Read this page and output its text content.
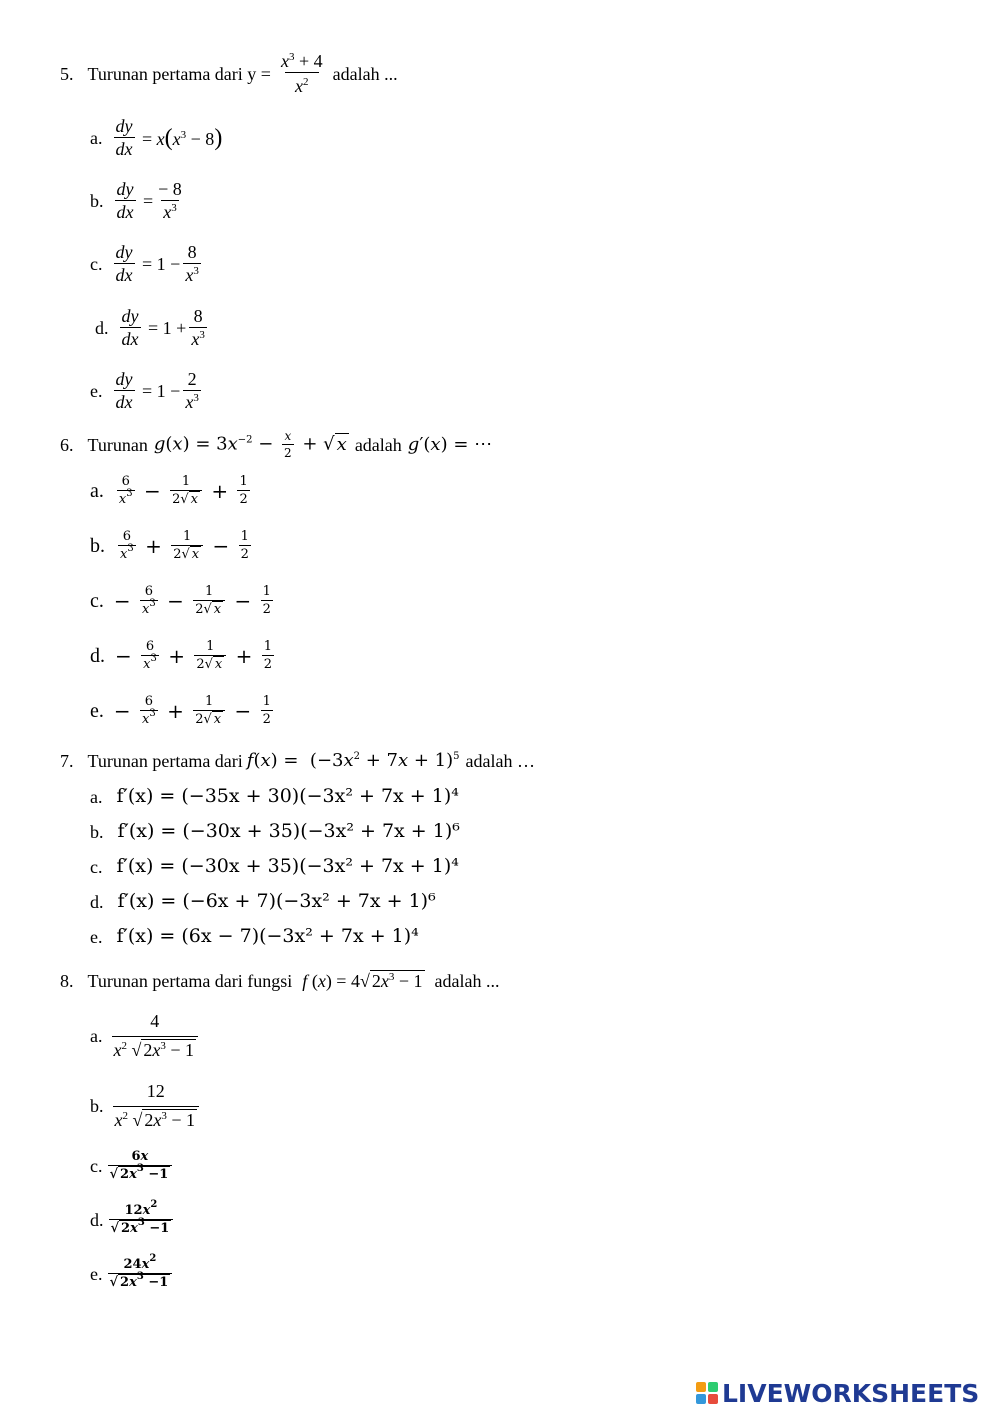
5. Turunan pertama dari $y = \frac{x^3 + 4}{x^2}$ adalah ...
a. $\frac{dy}{dx} = x(x^3 - 8)$
b. $\frac{dy}{dx} = \frac{- 8}{x^3}$
c. $\frac{dy}{dx} = 1 - \frac{8}{x^3}$
d. $\frac{dy}{dx} = 1 + \frac{8}{x^3}$
e. $\frac{dy}{dx} = 1 - \frac{2}{x^3}$
6. Turunan $g(x) = 3x^{-2} - \frac{x}{2}$ + √ x adalah g′(x) = ⋯
a. $\frac{6}{x^3} - \frac{1}{2√ x} + \frac{1}{2}$
b. $\frac{6}{x^3} + \frac{1}{2√ x} - \frac{1}{2}$
c. − $\frac{6}{x^3} - \frac{1}{2√ x} - \frac{1}{2}$
d. − $\frac{6}{x^3} + \frac{1}{2√ x} + \frac{1}{2}$
e. − $\frac{6}{x^3} + \frac{1}{2√ x} - \frac{1}{2}$
7. Turunan pertama dari $f(x) = (-3x^2 + 7x + 1)^5$ adalah …
a. f′(x) = (−35x + 30)(−3x² + 7x + 1)⁴
b. f′(x) = (−30x + 35)(−3x² + 7x + 1)⁶
c. f′(x) = (−30x + 35)(−3x² + 7x + 1)⁴
d. f′(x) = (−6x + 7)(−3x² + 7x + 1)⁶
e. f′(x) = (6x − 7)(−3x² + 7x + 1)⁴
8. Turunan pertama dari fungsi f (x) = 4√ $2x^3 - 1$ adalah ...
a. $\frac{4}{x^2 √ 2x^3 - 1}$
b. $\frac{12}{x^2 √ 2x^3 - 1}$
c. $\frac{6x}{√ 2x^3 -1}$
d. $\frac{12x^2}{√ 2x^3 -1}$
e. $\frac{24x^2}{√ 2x^3 -1}$
LIVEWORKSHEETS
